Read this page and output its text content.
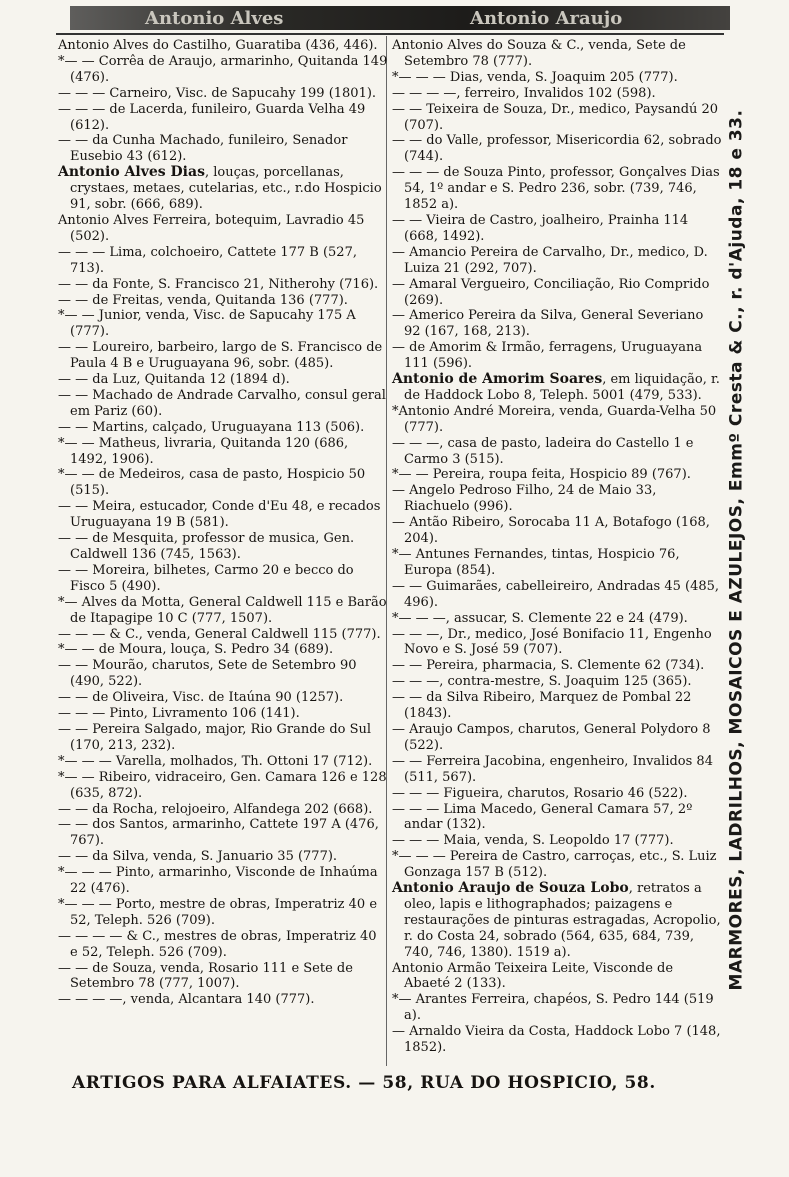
Antonio Alves	Antonio Araujo

Antonio Alves do Castilho, Guaratiba (436, 446).

*— — Corrêa de Araujo, armarinho, Quitanda 149 (476).

— — — Carneiro, Visc. de Sapucahy 199 (1801).

— — — de Lacerda, funileiro, Guarda Velha 49 (612).

— — da Cunha Machado, funileiro, Senador Eusebio 43 (612).

Antonio Alves Dias, louças, porcellanas, crystaes, metaes, cutelarias, etc., r.do Hospicio 91, sobr. (666, 689).

Antonio Alves Ferreira, botequim, Lavradio 45 (502).

— — — Lima, colchoeiro, Cattete 177 B (527, 713).

— — da Fonte, S. Francisco 21, Nitherohy (716).

— — de Freitas, venda, Quitanda 136 (777).

*— — Junior, venda, Visc. de Sapucahy 175 A (777).

— — Loureiro, barbeiro, largo de S. Francisco de Paula 4 B e Uruguayana 96, sobr. (485).

— — da Luz, Quitanda 12 (1894 d).

— — Machado de Andrade Carvalho, consul geral em Pariz (60).

— — Martins, calçado, Uruguayana 113 (506).

*— — Matheus, livraria, Quitanda 120 (686, 1492, 1906).

*— — de Medeiros, casa de pasto, Hospicio 50 (515).

— — Meira, estucador, Conde d'Eu 48, e recados Uruguayana 19 B (581).

— — de Mesquita, professor de musica, Gen. Caldwell 136 (745, 1563).

— — Moreira, bilhetes, Carmo 20 e becco do Fisco 5 (490).

*— Alves da Motta, General Caldwell 115 e Barão de Itapagipe 10 C (777, 1507).

— — — & C., venda, General Caldwell 115 (777).

*— — de Moura, louça, S. Pedro 34 (689).

— — Mourão, charutos, Sete de Setembro 90 (490, 522).

— — de Oliveira, Visc. de Itaúna 90 (1257).

— — — Pinto, Livramento 106 (141).

— — Pereira Salgado, major, Rio Grande do Sul (170, 213, 232).

*— — — Varella, molhados, Th. Ottoni 17 (712).

*— — Ribeiro, vidraceiro, Gen. Camara 126 e 128 (635, 872).

— — da Rocha, relojoeiro, Alfandega 202 (668).

— — dos Santos, armarinho, Cattete 197 A (476, 767).

— — da Silva, venda, S. Januario 35 (777).

*— — — Pinto, armarinho, Visconde de Inhaúma 22 (476).

*— — — Porto, mestre de obras, Imperatriz 40 e 52, Teleph. 526 (709).

— — — — & C., mestres de obras, Imperatriz 40 e 52, Teleph. 526 (709).

— — de Souza, venda, Rosario 111 e Sete de Setembro 78 (777, 1007).

— — — —, venda, Alcantara 140 (777).

Antonio Alves do Souza & C., venda, Sete de Setembro 78 (777).

*— — — Dias, venda, S. Joaquim 205 (777).

— — — —, ferreiro, Invalidos 102 (598).

— — Teixeira de Souza, Dr., medico, Paysandú 20 (707).

— — do Valle, professor, Misericordia 62, sobrado (744).

— — — de Souza Pinto, professor, Gonçalves Dias 54, 1º andar e S. Pedro 236, sobr. (739, 746, 1852 a).

— — Vieira de Castro, joalheiro, Prainha 114 (668, 1492).

— Amancio Pereira de Carvalho, Dr., medico, D. Luiza 21 (292, 707).

— Amaral Vergueiro, Conciliação, Rio Comprido (269).

— Americo Pereira da Silva, General Severiano 92 (167, 168, 213).

— de Amorim & Irmão, ferragens, Uruguayana 111 (596).

Antonio de Amorim Soares, em liquidação, r. de Haddock Lobo 8, Teleph. 5001 (479, 533).

*Antonio André Moreira, venda, Guarda-Velha 50 (777).

— — —, casa de pasto, ladeira do Castello 1 e Carmo 3 (515).

*— — Pereira, roupa feita, Hospicio 89 (767).

— Angelo Pedroso Filho, 24 de Maio 33, Riachuelo (996).

— Antão Ribeiro, Sorocaba 11 A, Botafogo (168, 204).

*— Antunes Fernandes, tintas, Hospicio 76, Europa (854).

— — Guimarães, cabelleireiro, Andradas 45 (485, 496).

*— — —, assucar, S. Clemente 22 e 24 (479).

— — —, Dr., medico, José Bonifacio 11, Engenho Novo e S. José 59 (707).

— — Pereira, pharmacia, S. Clemente 62 (734).

— — —, contra-mestre, S. Joaquim 125 (365).

— — da Silva Ribeiro, Marquez de Pombal 22 (1843).

— Araujo Campos, charutos, General Polydoro 8 (522).

— — Ferreira Jacobina, engenheiro, Invalidos 84 (511, 567).

— — — Figueira, charutos, Rosario 46 (522).

— — — Lima Macedo, General Camara 57, 2º andar (132).

— — — Maia, venda, S. Leopoldo 17 (777).

*— — — Pereira de Castro, carroças, etc., S. Luiz Gonzaga 157 B (512).

Antonio Araujo de Souza Lobo, retratos a oleo, lapis e lithographados; paizagens e restaurações de pinturas estragadas, Acropolio, r. do Costa 24, sobrado (564, 635, 684, 739, 740, 746, 1380). 1519 a).

Antonio Armão Teixeira Leite, Visconde de Abaeté 2 (133).

*— Arantes Ferreira, chapéos, S. Pedro 144 (519 a).

— Arnaldo Vieira da Costa, Haddock Lobo 7 (148, 1852).

MARMORES, LADRILHOS, MOSAICOS E AZULEJOS, Emmº Cresta & C., r. d'Ajuda, 18 e 33.
ARTIGOS PARA ALFAIATES. — 58, RUA DO HOSPICIO, 58.
